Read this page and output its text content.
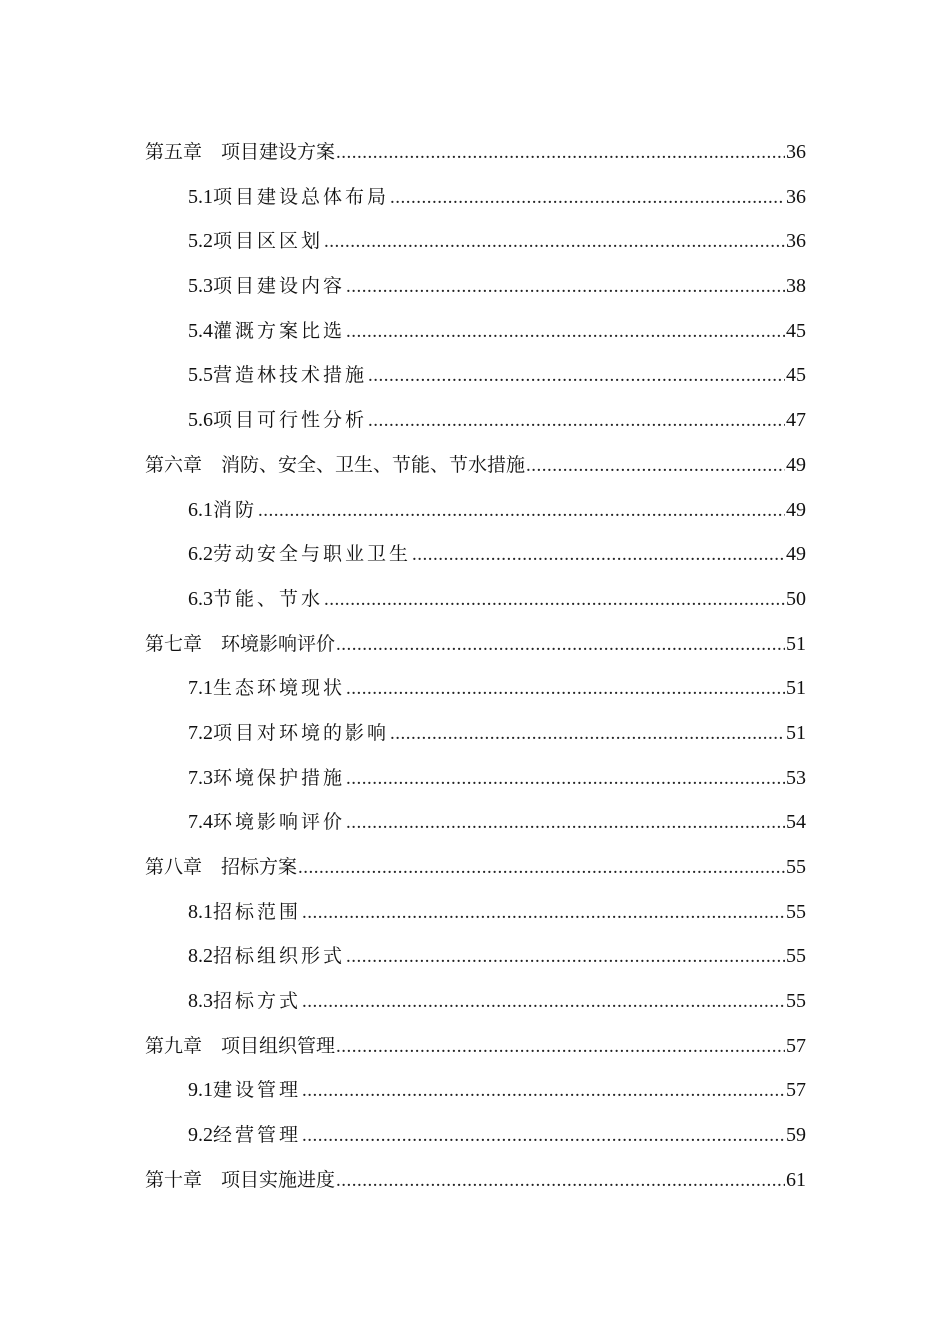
第五章　项目建设方案 .....	36
5.1项目建设总体布局 .....	36
5.2项目区区划 .....	36
5.3项目建设内容 .....	38
5.4灌溉方案比选 .....	45
5.5营造林技术措施 .....	45
5.6项目可行性分析 .....	47
第六章　消防、安全、卫生、节能、节水措施 .....	49
6.1消防 .....	49
6.2劳动安全与职业卫生 .....	49
6.3节能、节水 .....	50
第七章　环境影响评价 .....	51
7.1生态环境现状 .....	51
7.2项目对环境的影响 .....	51
7.3环境保护措施 .....	53
7.4环境影响评价 .....	54
第八章　招标方案 .....	55
8.1招标范围 .....	55
8.2招标组织形式 .....	55
8.3招标方式 .....	55
第九章　项目组织管理 .....	57
9.1建设管理 .....	57
9.2经营管理 .....	59
第十章　项目实施进度 .....	61
